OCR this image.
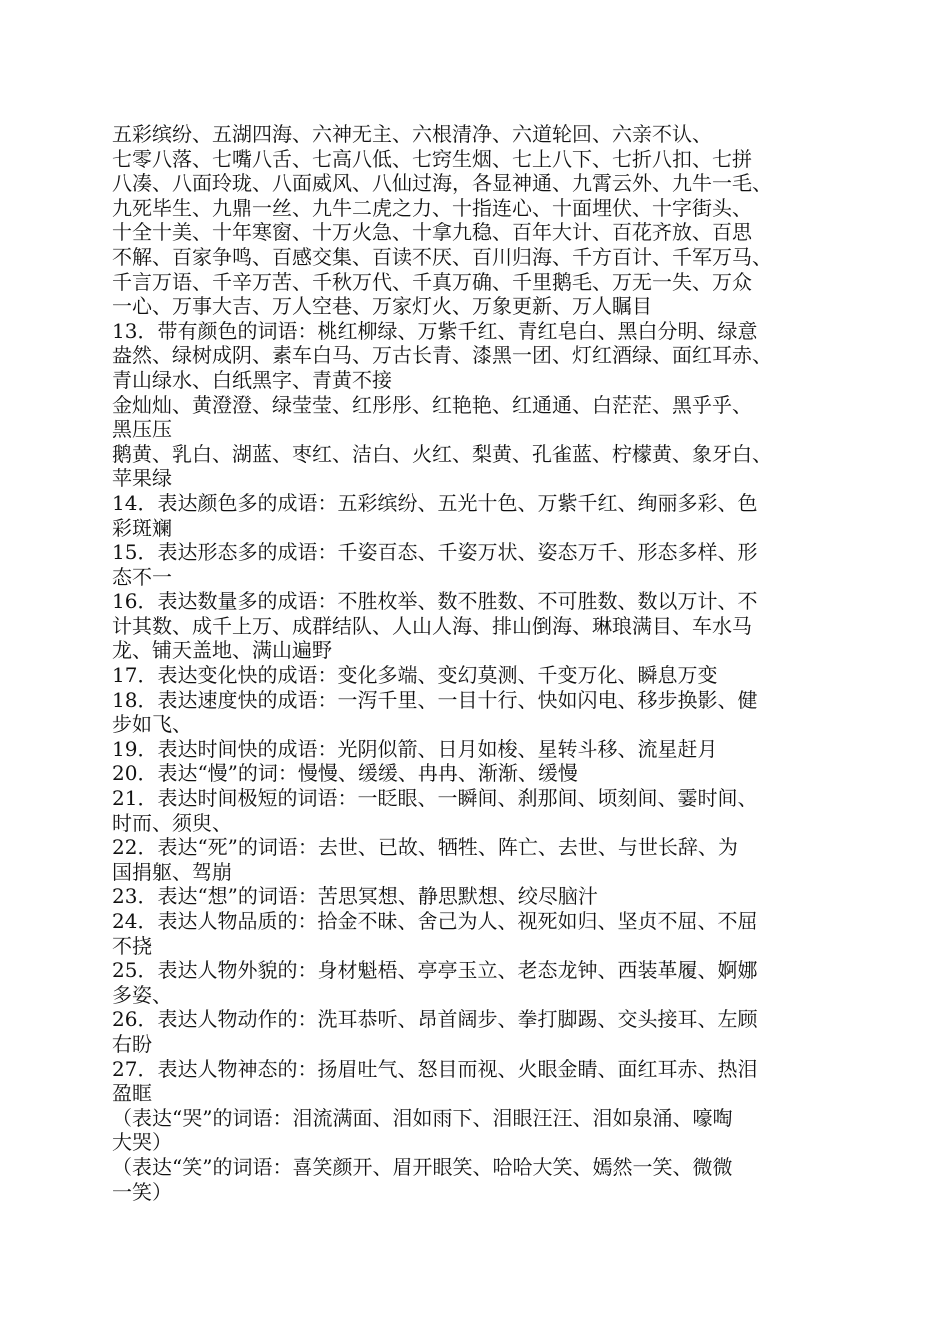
五彩缤纷、五湖四海、六神无主、六根清净、六道轮回、六亲不认、
七零八落、七嘴八舌、七高八低、七窍生烟、七上八下、七折八扣、七拼
八凑、八面玲珑、八面威风、八仙过海，各显神通、九霄云外、九牛一毛、
九死毕生、九鼎一丝、九牛二虎之力、十指连心、十面埋伏、十字街头、
十全十美、十年寒窗、十万火急、十拿九稳、百年大计、百花齐放、百思
不解、百家争鸣、百感交集、百读不厌、百川归海、千方百计、千军万马、
千言万语、千辛万苦、千秋万代、千真万确、千里鹅毛、万无一失、万众
一心、万事大吉、万人空巷、万家灯火、万象更新、万人瞩目
13．带有颜色的词语：桃红柳绿、万紫千红、青红皂白、黑白分明、绿意
盎然、绿树成阴、素车白马、万古长青、漆黑一团、灯红酒绿、面红耳赤、
青山绿水、白纸黑字、青黄不接
金灿灿、黄澄澄、绿莹莹、红彤彤、红艳艳、红通通、白茫茫、黑乎乎、
黑压压
鹅黄、乳白、湖蓝、枣红、洁白、火红、梨黄、孔雀蓝、柠檬黄、象牙白、
苹果绿
14．表达颜色多的成语：五彩缤纷、五光十色、万紫千红、绚丽多彩、色
彩斑斓
15．表达形态多的成语：千姿百态、千姿万状、姿态万千、形态多样、形
态不一
16．表达数量多的成语：不胜枚举、数不胜数、不可胜数、数以万计、不
计其数、成千上万、成群结队、人山人海、排山倒海、琳琅满目、车水马
龙、铺天盖地、满山遍野
17．表达变化快的成语：变化多端、变幻莫测、千变万化、瞬息万变
18．表达速度快的成语：一泻千里、一目十行、快如闪电、移步换影、健
步如飞、
19．表达时间快的成语：光阴似箭、日月如梭、星转斗移、流星赶月
20．表达“慢”的词：慢慢、缓缓、冉冉、渐渐、缓慢
21．表达时间极短的词语：一眨眼、一瞬间、刹那间、顷刻间、霎时间、
时而、须臾、
22．表达“死”的词语：去世、已故、牺牲、阵亡、去世、与世长辞、为
国捐躯、驾崩
23．表达“想”的词语：苦思冥想、静思默想、绞尽脑汁
24．表达人物品质的：拾金不昧、舍己为人、视死如归、坚贞不屈、不屈
不挠
25．表达人物外貌的：身材魁梧、亭亭玉立、老态龙钟、西装革履、婀娜
多姿、
26．表达人物动作的：洗耳恭听、昂首阔步、拳打脚踢、交头接耳、左顾
右盼
27．表达人物神态的：扬眉吐气、怒目而视、火眼金睛、面红耳赤、热泪
盈眶
（表达“哭”的词语：泪流满面、泪如雨下、泪眼汪汪、泪如泉涌、嚎啕
大哭）
（表达“笑”的词语：喜笑颜开、眉开眼笑、哈哈大笑、嫣然一笑、微微
一笑）
